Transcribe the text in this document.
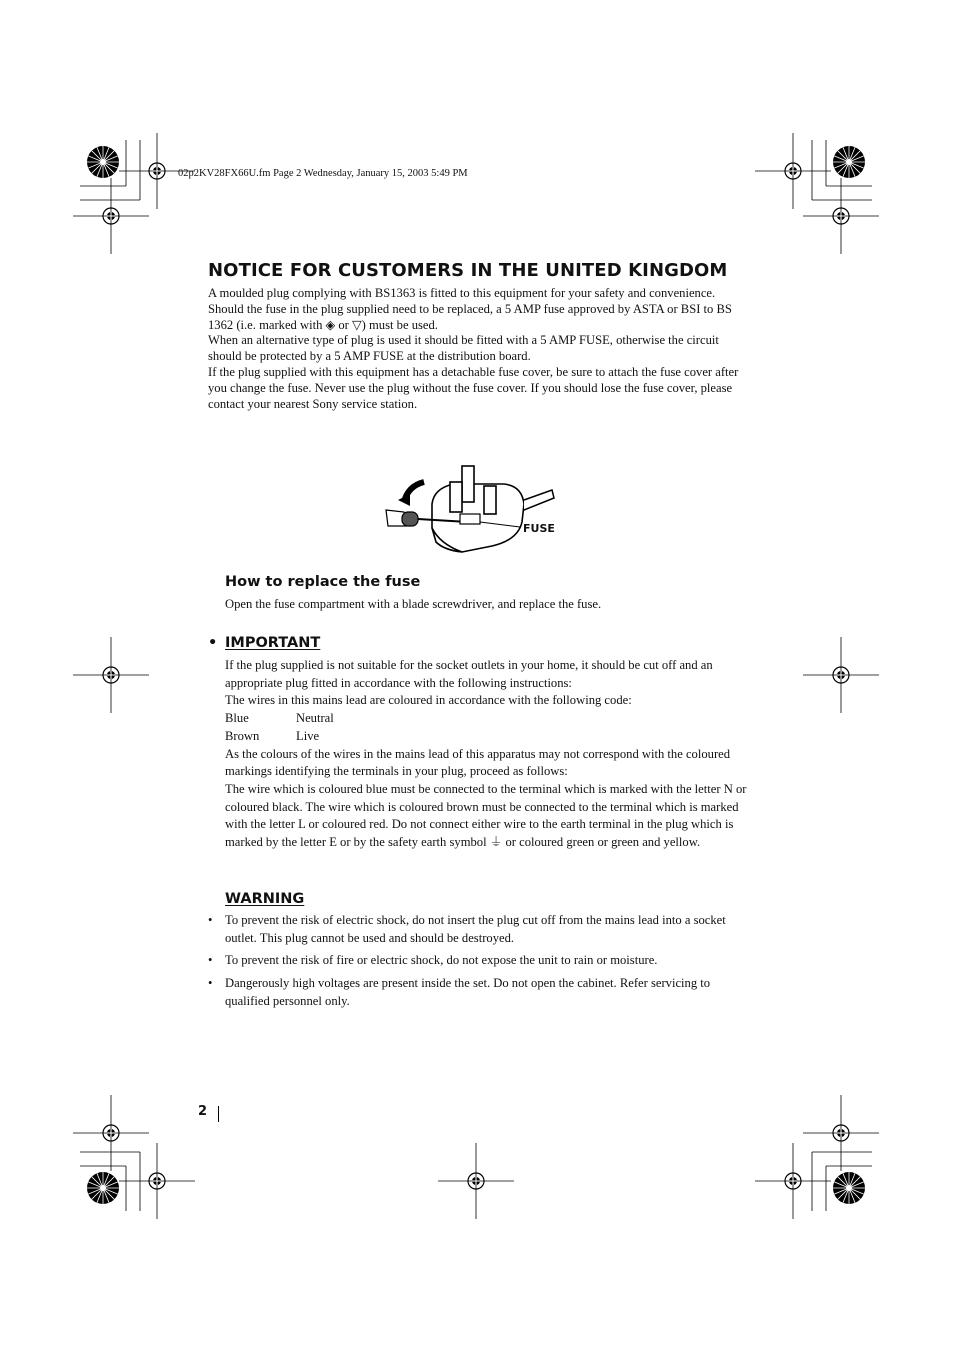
02p2KV28FX66U.fm Page 2 Wednesday, January 15, 2003 5:49 PM
NOTICE FOR CUSTOMERS IN THE UNITED KINGDOM

A moulded plug complying with BS1363 is fitted to this equipment for your safety and convenience.

Should the fuse in the plug supplied need to be replaced, a 5 AMP fuse approved by ASTA or BSI to BS 1362 (i.e. marked with ◈ or ▽) must be used.

When an alternative type of plug is used it should be fitted with a 5 AMP FUSE, otherwise the circuit should be protected by a 5 AMP FUSE at the distribution board.

If the plug supplied with this equipment has a detachable fuse cover, be sure to attach the fuse cover after you change the fuse. Never use the plug without the fuse cover. If you should lose the fuse cover, please contact your nearest Sony service station.

FUSE
How to replace the fuse
Open the fuse compartment with a blade screwdriver, and replace the fuse.
• IMPORTANT

If the plug supplied is not suitable for the socket outlets in your home, it should be cut off and an appropriate plug fitted in accordance with the following instructions:

The wires in this mains lead are coloured in accordance with the following code:

Blue	Neutral
Brown	Live

As the colours of the wires in the mains lead of this apparatus may not correspond with the coloured markings identifying the terminals in your plug, proceed as follows:

The wire which is coloured blue must be connected to the terminal which is marked with the letter N or coloured black. The wire which is coloured brown must be connected to the terminal which is marked with the letter L or coloured red. Do not connect either wire to the earth terminal in the plug which is marked by the letter E or by the safety earth symbol ⏚ or coloured green or green and yellow.

WARNING
• To prevent the risk of electric shock, do not insert the plug cut off from the mains lead into a socket outlet. This plug cannot be used and should be destroyed.
• To prevent the risk of fire or electric shock, do not expose the unit to rain or moisture.
• Dangerously high voltages are present inside the set. Do not open the cabinet. Refer servicing to qualified personnel only.
2
